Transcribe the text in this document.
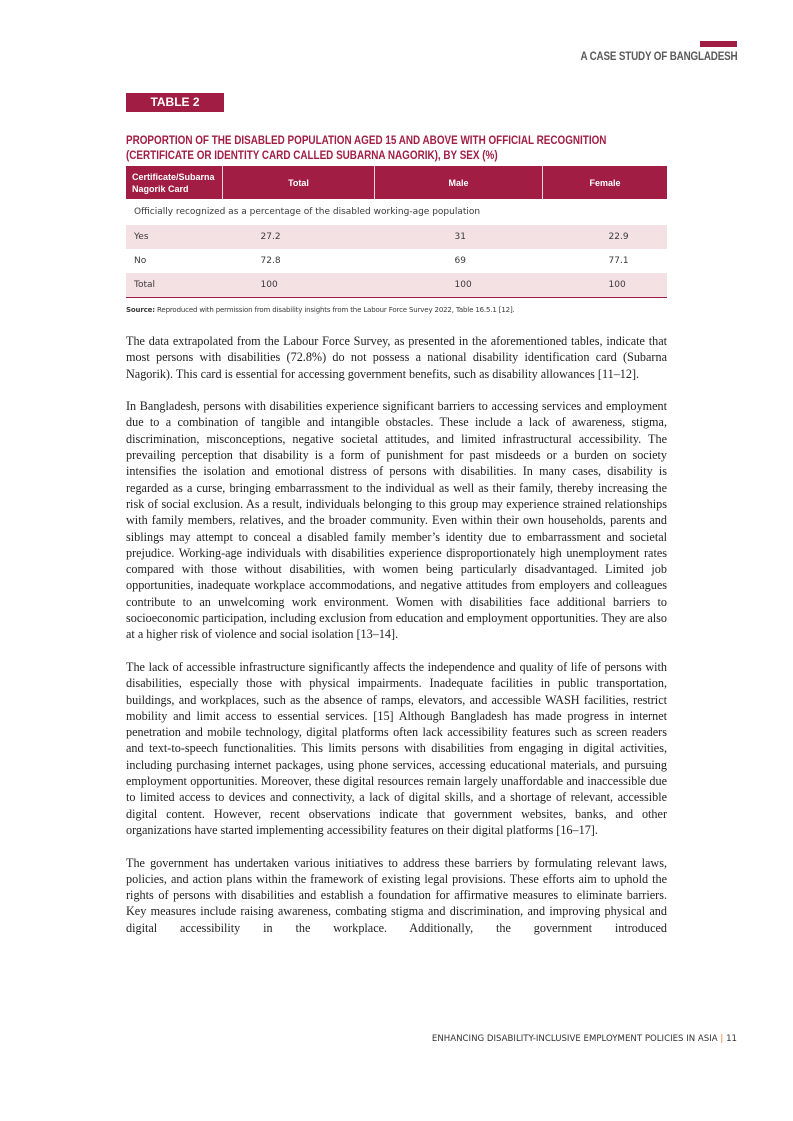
A CASE STUDY OF BANGLADESH
TABLE 2
PROPORTION OF THE DISABLED POPULATION AGED 15 AND ABOVE WITH OFFICIAL RECOGNITION (CERTIFICATE OR IDENTITY CARD CALLED SUBARNA NAGORIK), BY SEX (%)
Certificate/Subarna Nagorik Card	Total	Male	Female
Officially recognized as a percentage of the disabled working-age population			
Yes	27.2	31	22.9
No	72.8	69	77.1
Total	100	100	100
Source: Reproduced with permission from disability insights from the Labour Force Survey 2022, Table 16.5.1 [12].

The data extrapolated from the Labour Force Survey, as presented in the aforementioned tables, indicate that most persons with disabilities (72.8%) do not possess a national disability identification card (Subarna Nagorik). This card is essential for accessing government benefits, such as disability allowances [11–12].

In Bangladesh, persons with disabilities experience significant barriers to accessing services and employment due to a combination of tangible and intangible obstacles. These include a lack of awareness, stigma, discrimination, misconceptions, negative societal attitudes, and limited infrastructural accessibility. The prevailing perception that disability is a form of punishment for past misdeeds or a burden on society intensifies the isolation and emotional distress of persons with disabilities. In many cases, disability is regarded as a curse, bringing embarrassment to the individual as well as their family, thereby increasing the risk of social exclusion. As a result, individuals belonging to this group may experience strained relationships with family members, relatives, and the broader community. Even within their own households, parents and siblings may attempt to conceal a disabled family member’s identity due to embarrassment and societal prejudice. Working-age individuals with disabilities experience disproportionately high unemployment rates compared with those without disabilities, with women being particularly disadvantaged. Limited job opportunities, inadequate workplace accommodations, and negative attitudes from employers and colleagues contribute to an unwelcoming work environment. Women with disabilities face additional barriers to socioeconomic participation, including exclusion from education and employment opportunities. They are also at a higher risk of violence and social isolation [13–14].

The lack of accessible infrastructure significantly affects the independence and quality of life of persons with disabilities, especially those with physical impairments. Inadequate facilities in public transportation, buildings, and workplaces, such as the absence of ramps, elevators, and accessible WASH facilities, restrict mobility and limit access to essential services. [15] Although Bangladesh has made progress in internet penetration and mobile technology, digital platforms often lack accessibility features such as screen readers and text-to-speech functionalities. This limits persons with disabilities from engaging in digital activities, including purchasing internet packages, using phone services, accessing educational materials, and pursuing employment opportunities. Moreover, these digital resources remain largely unaffordable and inaccessible due to limited access to devices and connectivity, a lack of digital skills, and a shortage of relevant, accessible digital content. However, recent observations indicate that government websites, banks, and other organizations have started implementing accessibility features on their digital platforms [16–17].

The government has undertaken various initiatives to address these barriers by formulating relevant laws, policies, and action plans within the framework of existing legal provisions. These efforts aim to uphold the rights of persons with disabilities and establish a foundation for affirmative measures to eliminate barriers. Key measures include raising awareness, combating stigma and discrimination, and improving physical and digital accessibility in the workplace. Additionally, the government introduced

ENHANCING DISABILITY-INCLUSIVE EMPLOYMENT POLICIES IN ASIA | 11
